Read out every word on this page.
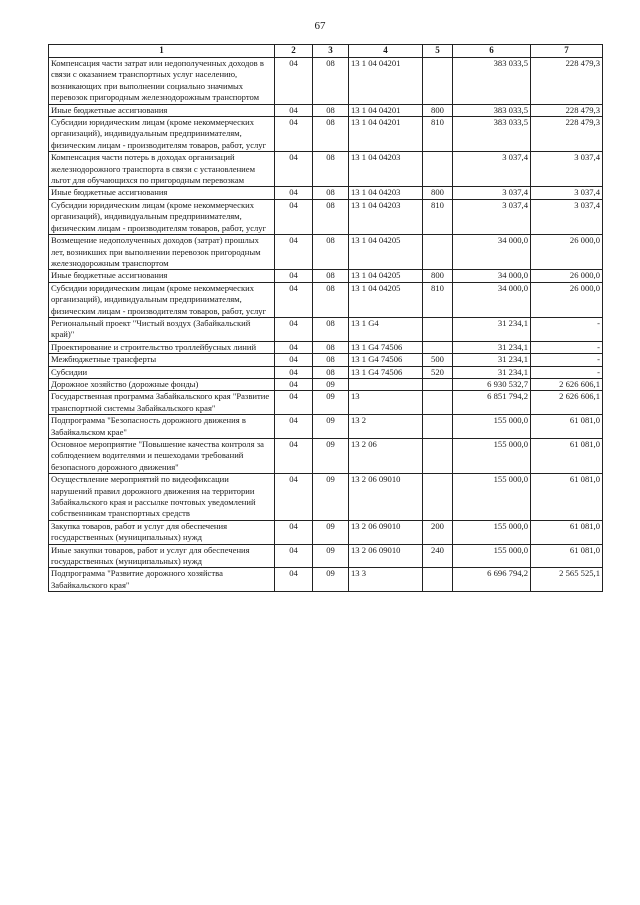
67
1	2	3	4	5	6	7
Компенсация части затрат или недополученных доходов в связи с оказанием транспортных услуг населению, возникающих при выполнении социально значимых перевозок пригородным железнодорожным транспортом	04	08	13 1 04 04201		383 033,5	228 479,3
Иные бюджетные ассигнования	04	08	13 1 04 04201	800	383 033,5	228 479,3
Субсидии юридическим лицам (кроме некоммерческих организаций), индивидуальным предпринимателям, физическим лицам - производителям товаров, работ, услуг	04	08	13 1 04 04201	810	383 033,5	228 479,3
Компенсация части потерь в доходах организаций железнодорожного транспорта в связи с установлением льгот для обучающихся по пригородным перевозкам	04	08	13 1 04 04203		3 037,4	3 037,4
Иные бюджетные ассигнования	04	08	13 1 04 04203	800	3 037,4	3 037,4
Субсидии юридическим лицам (кроме некоммерческих организаций), индивидуальным предпринимателям, физическим лицам - производителям товаров, работ, услуг	04	08	13 1 04 04203	810	3 037,4	3 037,4
Возмещение недополученных доходов (затрат) прошлых лет, возникших при выполнении перевозок пригородным железнодорожным транспортом	04	08	13 1 04 04205		34 000,0	26 000,0
Иные бюджетные ассигнования	04	08	13 1 04 04205	800	34 000,0	26 000,0
Субсидии юридическим лицам (кроме некоммерческих организаций), индивидуальным предпринимателям, физическим лицам - производителям товаров, работ, услуг	04	08	13 1 04 04205	810	34 000,0	26 000,0
Региональный проект "Чистый воздух (Забайкальский край)"	04	08	13 1 G4		31 234,1	-
Проектирование и строительство троллейбусных линий	04	08	13 1 G4 74506		31 234,1	-
Межбюджетные трансферты	04	08	13 1 G4 74506	500	31 234,1	-
Субсидии	04	08	13 1 G4 74506	520	31 234,1	-
Дорожное хозяйство (дорожные фонды)	04	09			6 930 532,7	2 626 606,1
Государственная программа Забайкальского края "Развитие транспортной системы Забайкальского края"	04	09	13		6 851 794,2	2 626 606,1
Подпрограмма "Безопасность дорожного движения в Забайкальском крае"	04	09	13 2		155 000,0	61 081,0
Основное мероприятие "Повышение качества контроля за соблюдением водителями и пешеходами требований безопасного дорожного движения"	04	09	13 2 06		155 000,0	61 081,0
Осуществление мероприятий по видеофиксации нарушений правил дорожного движения на территории Забайкальского края и рассылке почтовых уведомлений собственникам транспортных средств	04	09	13 2 06 09010		155 000,0	61 081,0
Закупка товаров, работ и услуг для обеспечения государственных (муниципальных) нужд	04	09	13 2 06 09010	200	155 000,0	61 081,0
Иные закупки товаров, работ и услуг для обеспечения государственных (муниципальных) нужд	04	09	13 2 06 09010	240	155 000,0	61 081,0
Подпрограмма "Развитие дорожного хозяйства Забайкальского края"	04	09	13 3		6 696 794,2	2 565 525,1
